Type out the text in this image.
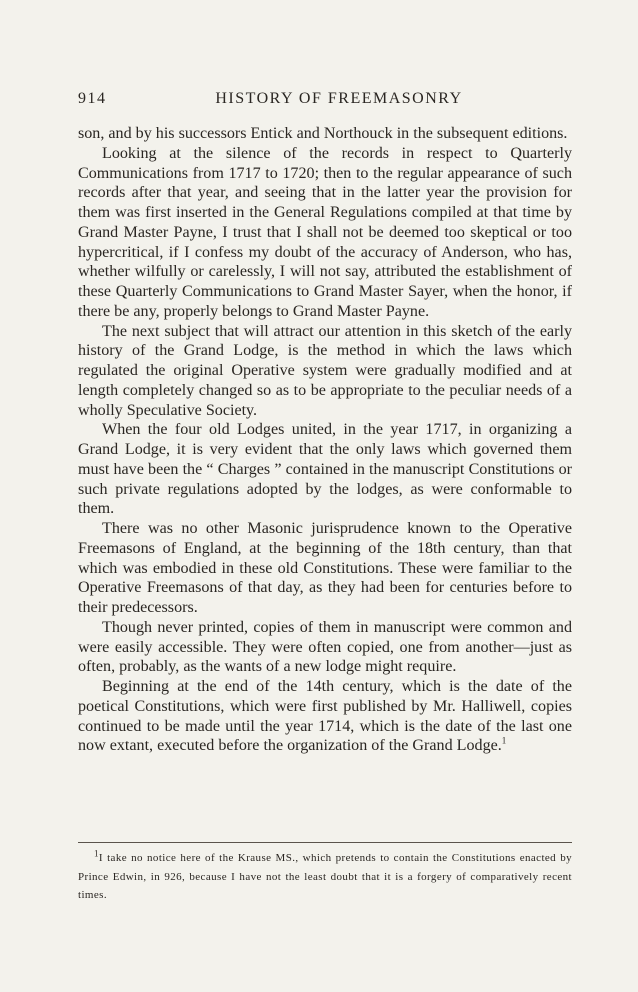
914	HISTORY OF FREEMASONRY

son, and by his successors Entick and Northouck in the subsequent editions.

Looking at the silence of the records in respect to Quarterly Communications from 1717 to 1720; then to the regular appearance of such records after that year, and seeing that in the latter year the provision for them was first inserted in the General Regulations compiled at that time by Grand Master Payne, I trust that I shall not be deemed too skeptical or too hypercritical, if I confess my doubt of the accuracy of Anderson, who has, whether wilfully or carelessly, I will not say, attributed the establishment of these Quarterly Communications to Grand Master Sayer, when the honor, if there be any, properly belongs to Grand Master Payne.

The next subject that will attract our attention in this sketch of the early history of the Grand Lodge, is the method in which the laws which regulated the original Operative system were gradually modified and at length completely changed so as to be appropriate to the peculiar needs of a wholly Speculative Society.

When the four old Lodges united, in the year 1717, in organizing a Grand Lodge, it is very evident that the only laws which governed them must have been the “ Charges ” contained in the manuscript Constitutions or such private regulations adopted by the lodges, as were conformable to them.

There was no other Masonic jurisprudence known to the Operative Freemasons of England, at the beginning of the 18th century, than that which was embodied in these old Constitutions. These were familiar to the Operative Freemasons of that day, as they had been for centuries before to their predecessors.

Though never printed, copies of them in manuscript were common and were easily accessible. They were often copied, one from another—just as often, probably, as the wants of a new lodge might require.

Beginning at the end of the 14th century, which is the date of the poetical Constitutions, which were first published by Mr. Halliwell, copies continued to be made until the year 1714, which is the date of the last one now extant, executed before the organization of the Grand Lodge.$^1$

$^1$I take no notice here of the Krause MS., which pretends to contain the Constitutions enacted by Prince Edwin, in 926, because I have not the least doubt that it is a forgery of comparatively recent times.
